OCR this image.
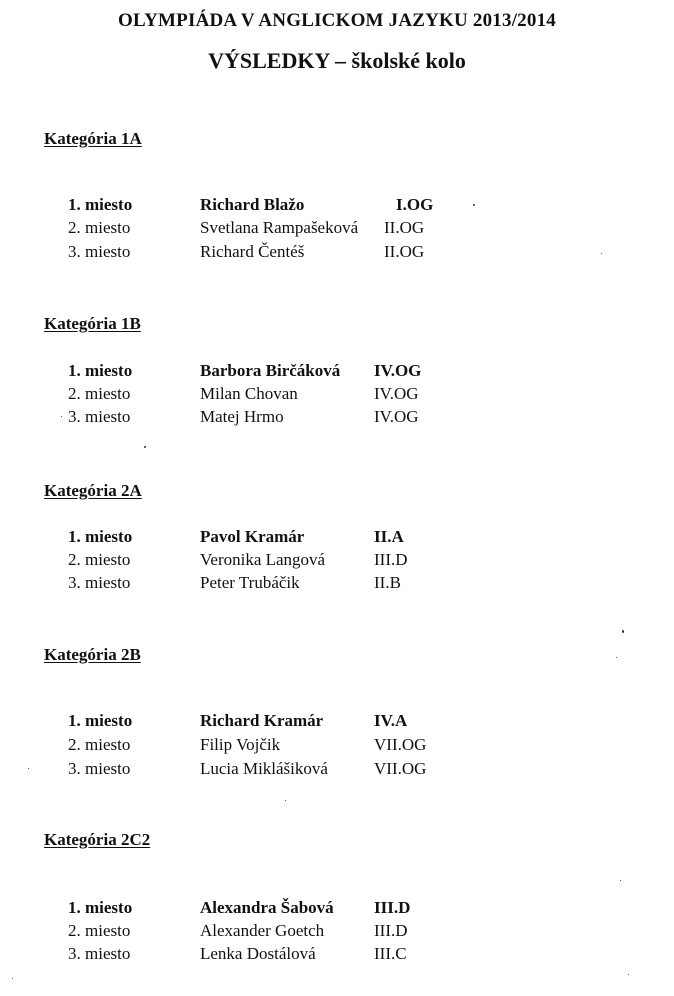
OLYMPIÁDA V ANGLICKOM JAZYKU 2013/2014
VÝSLEDKY – školské kolo
Kategória 1A
1. miesto	Richard Blažo	I.OG
2. miesto	Svetlana Rampašeková II.OG
3. miesto	Richard Čentéš	II.OG
Kategória 1B
1. miesto	Barbora Birčáková IV.OG
2. miesto	Milan Chovan	IV.OG
3. miesto	Matej Hrmo	IV.OG
Kategória 2A
1. miesto	Pavol Kramár	II.A
2. miesto	Veronika Langová	III.D
3. miesto	Peter Trubáčik	II.B
Kategória 2B
1. miesto	Richard Kramár	IV.A
2. miesto	Filip Vojčik	VII.OG
3. miesto	Lucia Miklášiková	VII.OG
Kategória 2C2
1. miesto	Alexandra Šabová III.D
2. miesto	Alexander Goetch	III.D
3. miesto	Lenka Dostálová	III.C
